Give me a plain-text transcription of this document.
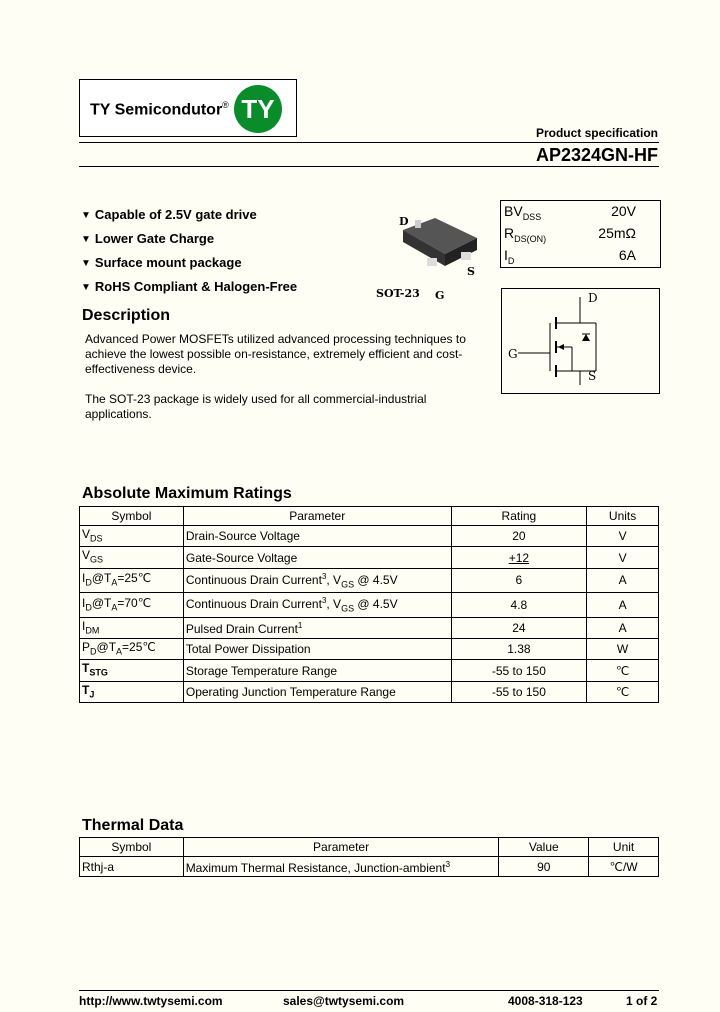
TY Semicondutor® TY
Product specification
AP2324GN-HF
▼ Capable of 2.5V gate drive
▼ Lower Gate Charge
▼ Surface mount package
▼ RoHS Compliant & Halogen-Free
D
S
G
SOT-23
$BV_{DSS}$	20V
$R_{DS(ON)}$	25mΩ
$I_D$	6A
D
G
S
Description

Advanced Power MOSFETs utilized advanced processing techniques to achieve the lowest possible on-resistance, extremely efficient and cost-effectiveness device.

The SOT-23 package is widely used for all commercial-industrial applications.

Absolute Maximum Ratings
Symbol	Parameter	Rating	Units
$V_{DS}$	Drain-Source Voltage	20	V
$V_{GS}$	Gate-Source Voltage	+12	V
$I_D@T_A=25℃$	Continuous Drain Current$^3$, $V_{GS}$ @ 4.5V	6	A
$I_D@T_A=70℃$	Continuous Drain Current$^3$, $V_{GS}$ @ 4.5V	4.8	A
$I_{DM}$	Pulsed Drain Current$^1$	24	A
$P_D@T_A=25℃$	Total Power Dissipation	1.38	W
$T_{STG}$	Storage Temperature Range	-55 to 150	℃
$T_J$	Operating Junction Temperature Range	-55 to 150	℃
Thermal Data
Symbol	Parameter	Value	Unit
Rthj-a	Maximum Thermal Resistance, Junction-ambient$^3$	90	℃/W
http://www.twtysemi.com	sales@twtysemi.com	4008-318-123	1 of 2
